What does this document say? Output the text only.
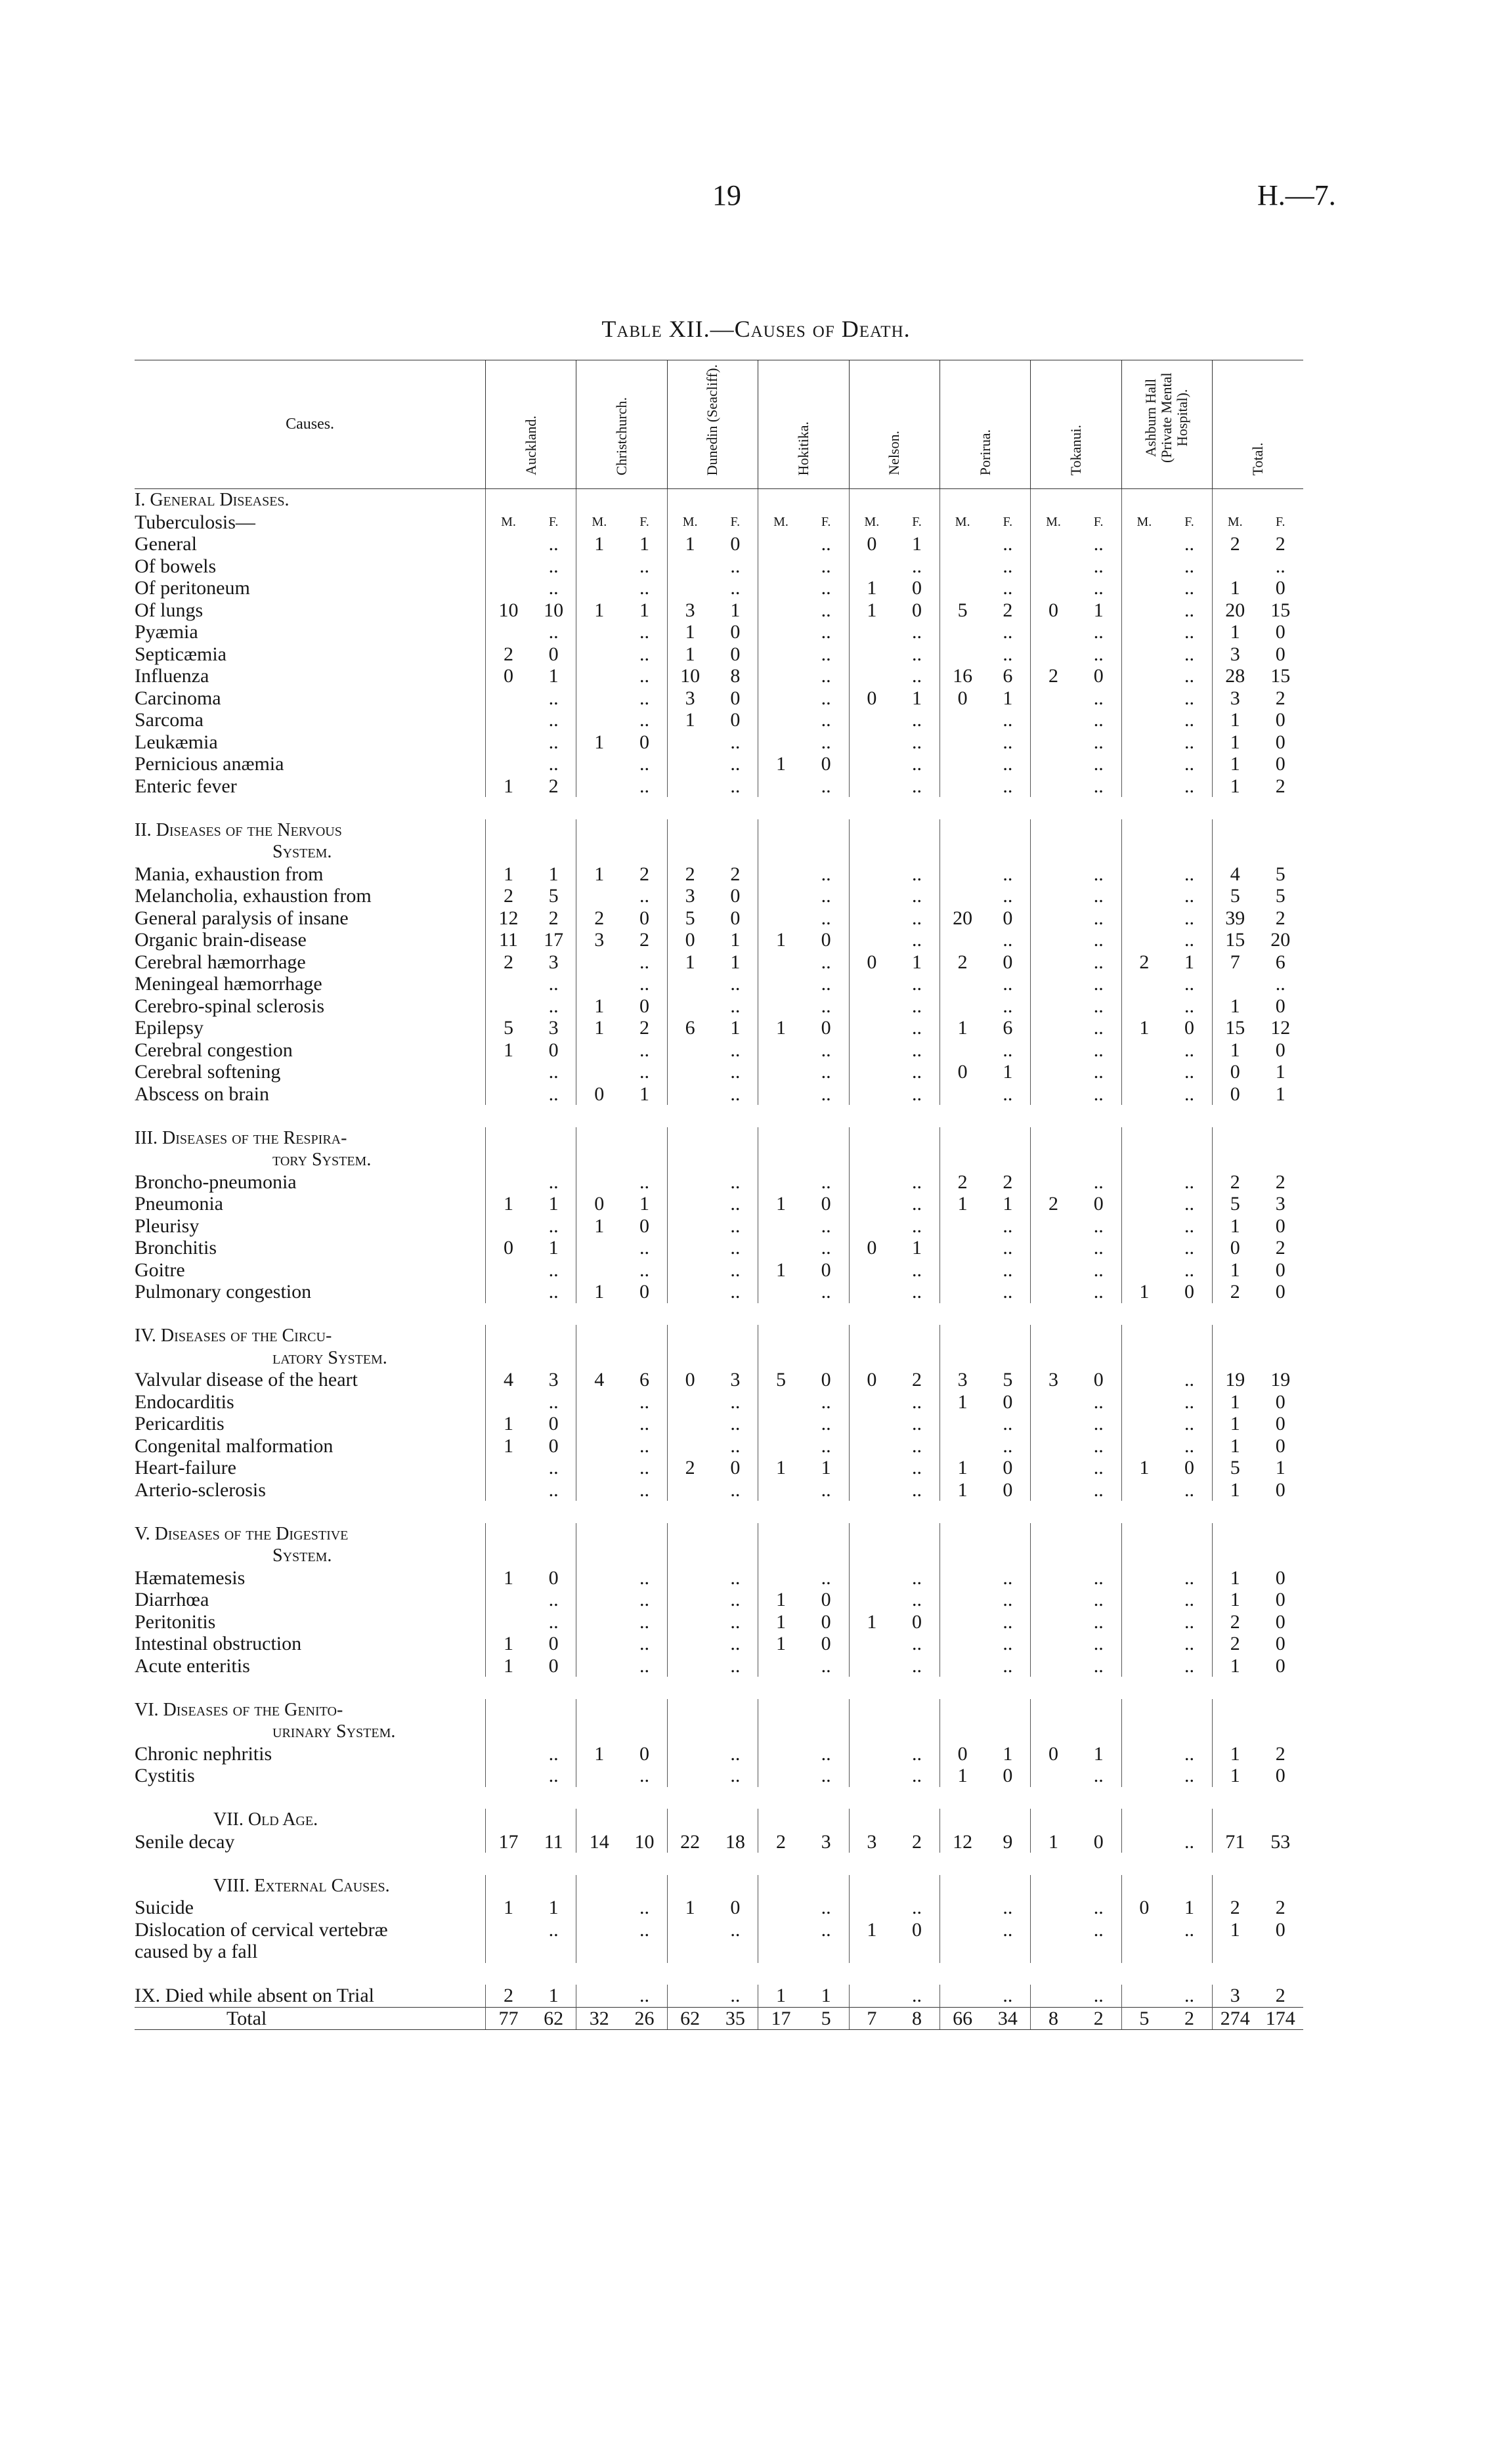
19	H.—7.
Table XII.—Causes of Death.
Causes.	Auckland.		Christchurch.		Dunedin (Seacliff).		Hokitika.		Nelson.		Porirua.		Tokanui.		Ashburn Hall (Private Mental Hospital).		Total.	
I. General Diseases.																		
Tuberculosis—	M.	F.	M.	F.	M.	F.	M.	F.	M.	F.	M.	F.	M.	F.	M.	F.	M.	F.
General		..	1	1	1	0		..	0	1		..		..		..	2	2
Of bowels		..		..		..		..		..		..		..		..		..
Of peritoneum		..		..		..		..	1	0		..		..		..	1	0
Of lungs	10	10	1	1	3	1		..	1	0	5	2	0	1		..	20	15
Pyæmia		..		..	1	0		..		..		..		..		..	1	0
Septicæmia	2	0		..	1	0		..		..		..		..		..	3	0
Influenza	0	1		..	10	8		..		..	16	6	2	0		..	28	15
Carcinoma		..		..	3	0		..	0	1	0	1		..		..	3	2
Sarcoma		..		..	1	0		..		..		..		..		..	1	0
Leukæmia		..	1	0		..		..		..		..		..		..	1	0
Pernicious anæmia		..		..		..	1	0		..		..		..		..	1	0
Enteric fever	1	2		..		..		..		..		..		..		..	1	2

II. Diseases of the Nervous																		
System.																		
Mania, exhaustion from	1	1	1	2	2	2		..		..		..		..		..	4	5
Melancholia, exhaustion from	2	5		..	3	0		..		..		..		..		..	5	5
General paralysis of insane	12	2	2	0	5	0		..		..	20	0		..		..	39	2
Organic brain-disease	11	17	3	2	0	1	1	0		..		..		..		..	15	20
Cerebral hæmorrhage	2	3		..	1	1		..	0	1	2	0		..	2	1	7	6
Meningeal hæmorrhage		..		..		..		..		..		..		..		..		..
Cerebro-spinal sclerosis		..	1	0		..		..		..		..		..		..	1	0
Epilepsy	5	3	1	2	6	1	1	0		..	1	6		..	1	0	15	12
Cerebral congestion	1	0		..		..		..		..		..		..		..	1	0
Cerebral softening		..		..		..		..		..	0	1		..		..	0	1
Abscess on brain		..	0	1		..		..		..		..		..		..	0	1

III. Diseases of the Respira-																		
tory System.																		
Broncho-pneumonia		..		..		..		..		..	2	2		..		..	2	2
Pneumonia	1	1	0	1		..	1	0		..	1	1	2	0		..	5	3
Pleurisy		..	1	0		..		..		..		..		..		..	1	0
Bronchitis	0	1		..		..		..	0	1		..		..		..	0	2
Goitre		..		..		..	1	0		..		..		..		..	1	0
Pulmonary congestion		..	1	0		..		..		..		..		..	1	0	2	0

IV. Diseases of the Circu-																		
latory System.																		
Valvular disease of the heart	4	3	4	6	0	3	5	0	0	2	3	5	3	0		..	19	19
Endocarditis		..		..		..		..		..	1	0		..		..	1	0
Pericarditis	1	0		..		..		..		..		..		..		..	1	0
Congenital malformation	1	0		..		..		..		..		..		..		..	1	0
Heart-failure		..		..	2	0	1	1		..	1	0		..	1	0	5	1
Arterio-sclerosis		..		..		..		..		..	1	0		..		..	1	0

V. Diseases of the Digestive																		
System.																		
Hæmatemesis	1	0		..		..		..		..		..		..		..	1	0
Diarrhœa		..		..		..	1	0		..		..		..		..	1	0
Peritonitis		..		..		..	1	0	1	0		..		..		..	2	0
Intestinal obstruction	1	0		..		..	1	0		..		..		..		..	2	0
Acute enteritis	1	0		..		..		..		..		..		..		..	1	0

VI. Diseases of the Genito-																		
urinary System.																		
Chronic nephritis		..	1	0		..		..		..	0	1	0	1		..	1	2
Cystitis		..		..		..		..		..	1	0		..		..	1	0

VII. Old Age.																		
Senile decay	17	11	14	10	22	18	2	3	3	2	12	9	1	0		..	71	53

VIII. External Causes.																		
Suicide	1	1		..	1	0		..		..		..		..	0	1	2	2
Dislocation of cervical vertebræ		..		..		..		..	1	0		..		..		..	1	0
caused by a fall																		

IX. Died while absent on Trial	2	1		..		..	1	1		..		..		..		..	3	2
Total	77	62	32	26	62	35	17	5	7	8	66	34	8	2	5	2	274	174
